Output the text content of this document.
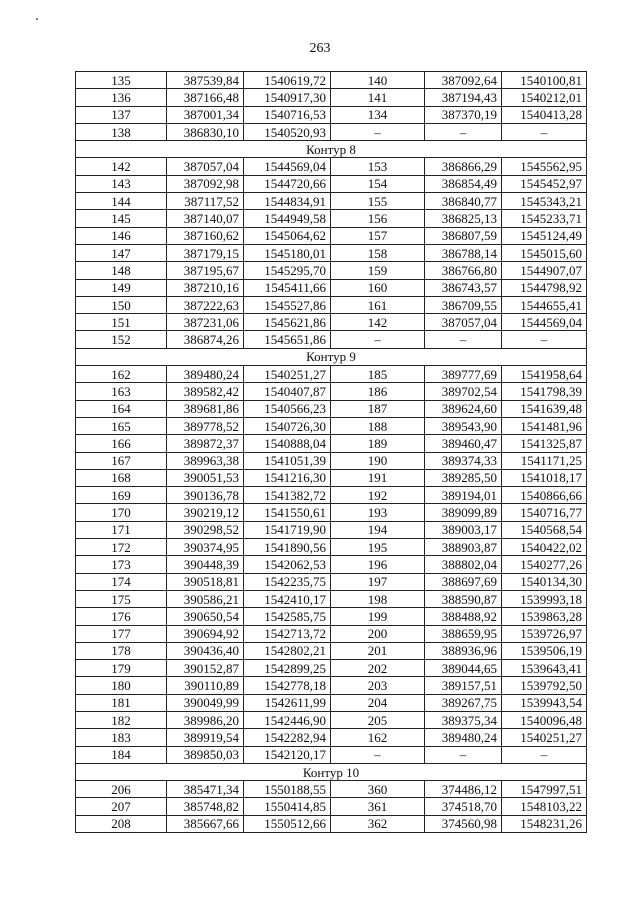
263
135	387539,84	1540619,72	140	387092,64	1540100,81
136	387166,48	1540917,30	141	387194,43	1540212,01
137	387001,34	1540716,53	134	387370,19	1540413,28
138	386830,10	1540520,93	–	–	–
Контур 8					
142	387057,04	1544569,04	153	386866,29	1545562,95
143	387092,98	1544720,66	154	386854,49	1545452,97
144	387117,52	1544834,91	155	386840,77	1545343,21
145	387140,07	1544949,58	156	386825,13	1545233,71
146	387160,62	1545064,62	157	386807,59	1545124,49
147	387179,15	1545180,01	158	386788,14	1545015,60
148	387195,67	1545295,70	159	386766,80	1544907,07
149	387210,16	1545411,66	160	386743,57	1544798,92
150	387222,63	1545527,86	161	386709,55	1544655,41
151	387231,06	1545621,86	142	387057,04	1544569,04
152	386874,26	1545651,86	–	–	–
Контур 9					
162	389480,24	1540251,27	185	389777,69	1541958,64
163	389582,42	1540407,87	186	389702,54	1541798,39
164	389681,86	1540566,23	187	389624,60	1541639,48
165	389778,52	1540726,30	188	389543,90	1541481,96
166	389872,37	1540888,04	189	389460,47	1541325,87
167	389963,38	1541051,39	190	389374,33	1541171,25
168	390051,53	1541216,30	191	389285,50	1541018,17
169	390136,78	1541382,72	192	389194,01	1540866,66
170	390219,12	1541550,61	193	389099,89	1540716,77
171	390298,52	1541719,90	194	389003,17	1540568,54
172	390374,95	1541890,56	195	388903,87	1540422,02
173	390448,39	1542062,53	196	388802,04	1540277,26
174	390518,81	1542235,75	197	388697,69	1540134,30
175	390586,21	1542410,17	198	388590,87	1539993,18
176	390650,54	1542585,75	199	388488,92	1539863,28
177	390694,92	1542713,72	200	388659,95	1539726,97
178	390436,40	1542802,21	201	388936,96	1539506,19
179	390152,87	1542899,25	202	389044,65	1539643,41
180	390110,89	1542778,18	203	389157,51	1539792,50
181	390049,99	1542611,99	204	389267,75	1539943,54
182	389986,20	1542446,90	205	389375,34	1540096,48
183	389919,54	1542282,94	162	389480,24	1540251,27
184	389850,03	1542120,17	–	–	–
Контур 10					
206	385471,34	1550188,55	360	374486,12	1547997,51
207	385748,82	1550414,85	361	374518,70	1548103,22
208	385667,66	1550512,66	362	374560,98	1548231,26
